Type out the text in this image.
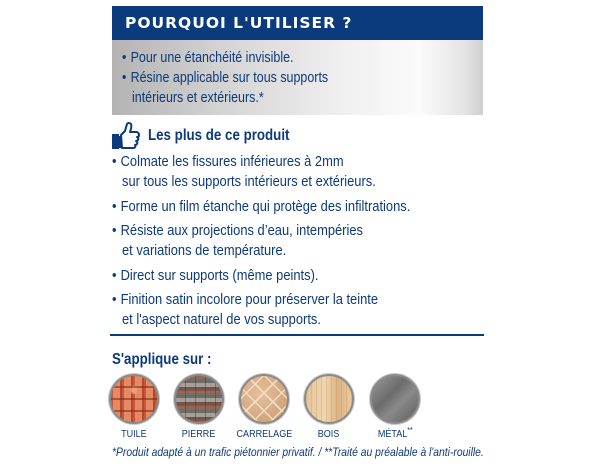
POURQUOI L'UTILISER ?
• Pour une étanchéité invisible.
• Résine applicable sur tous supports
intérieurs et extérieurs.*
Les plus de ce produit
• Colmate les fissures inférieures à 2mm
sur tous les supports intérieurs et extérieurs.
• Forme un film étanche qui protège des infiltrations.
• Résiste aux projections d’eau, intempéries
et variations de température.
• Direct sur supports (même peints).
• Finition satin incolore pour préserver la teinte
et l'aspect naturel de vos supports.
S'applique sur :
TUILE	PIERRE	CARRELAGE	BOIS	MÉTAL**
*Produit adapté à un trafic piétonnier privatif. / **Traité au préalable à l'anti-rouille.
